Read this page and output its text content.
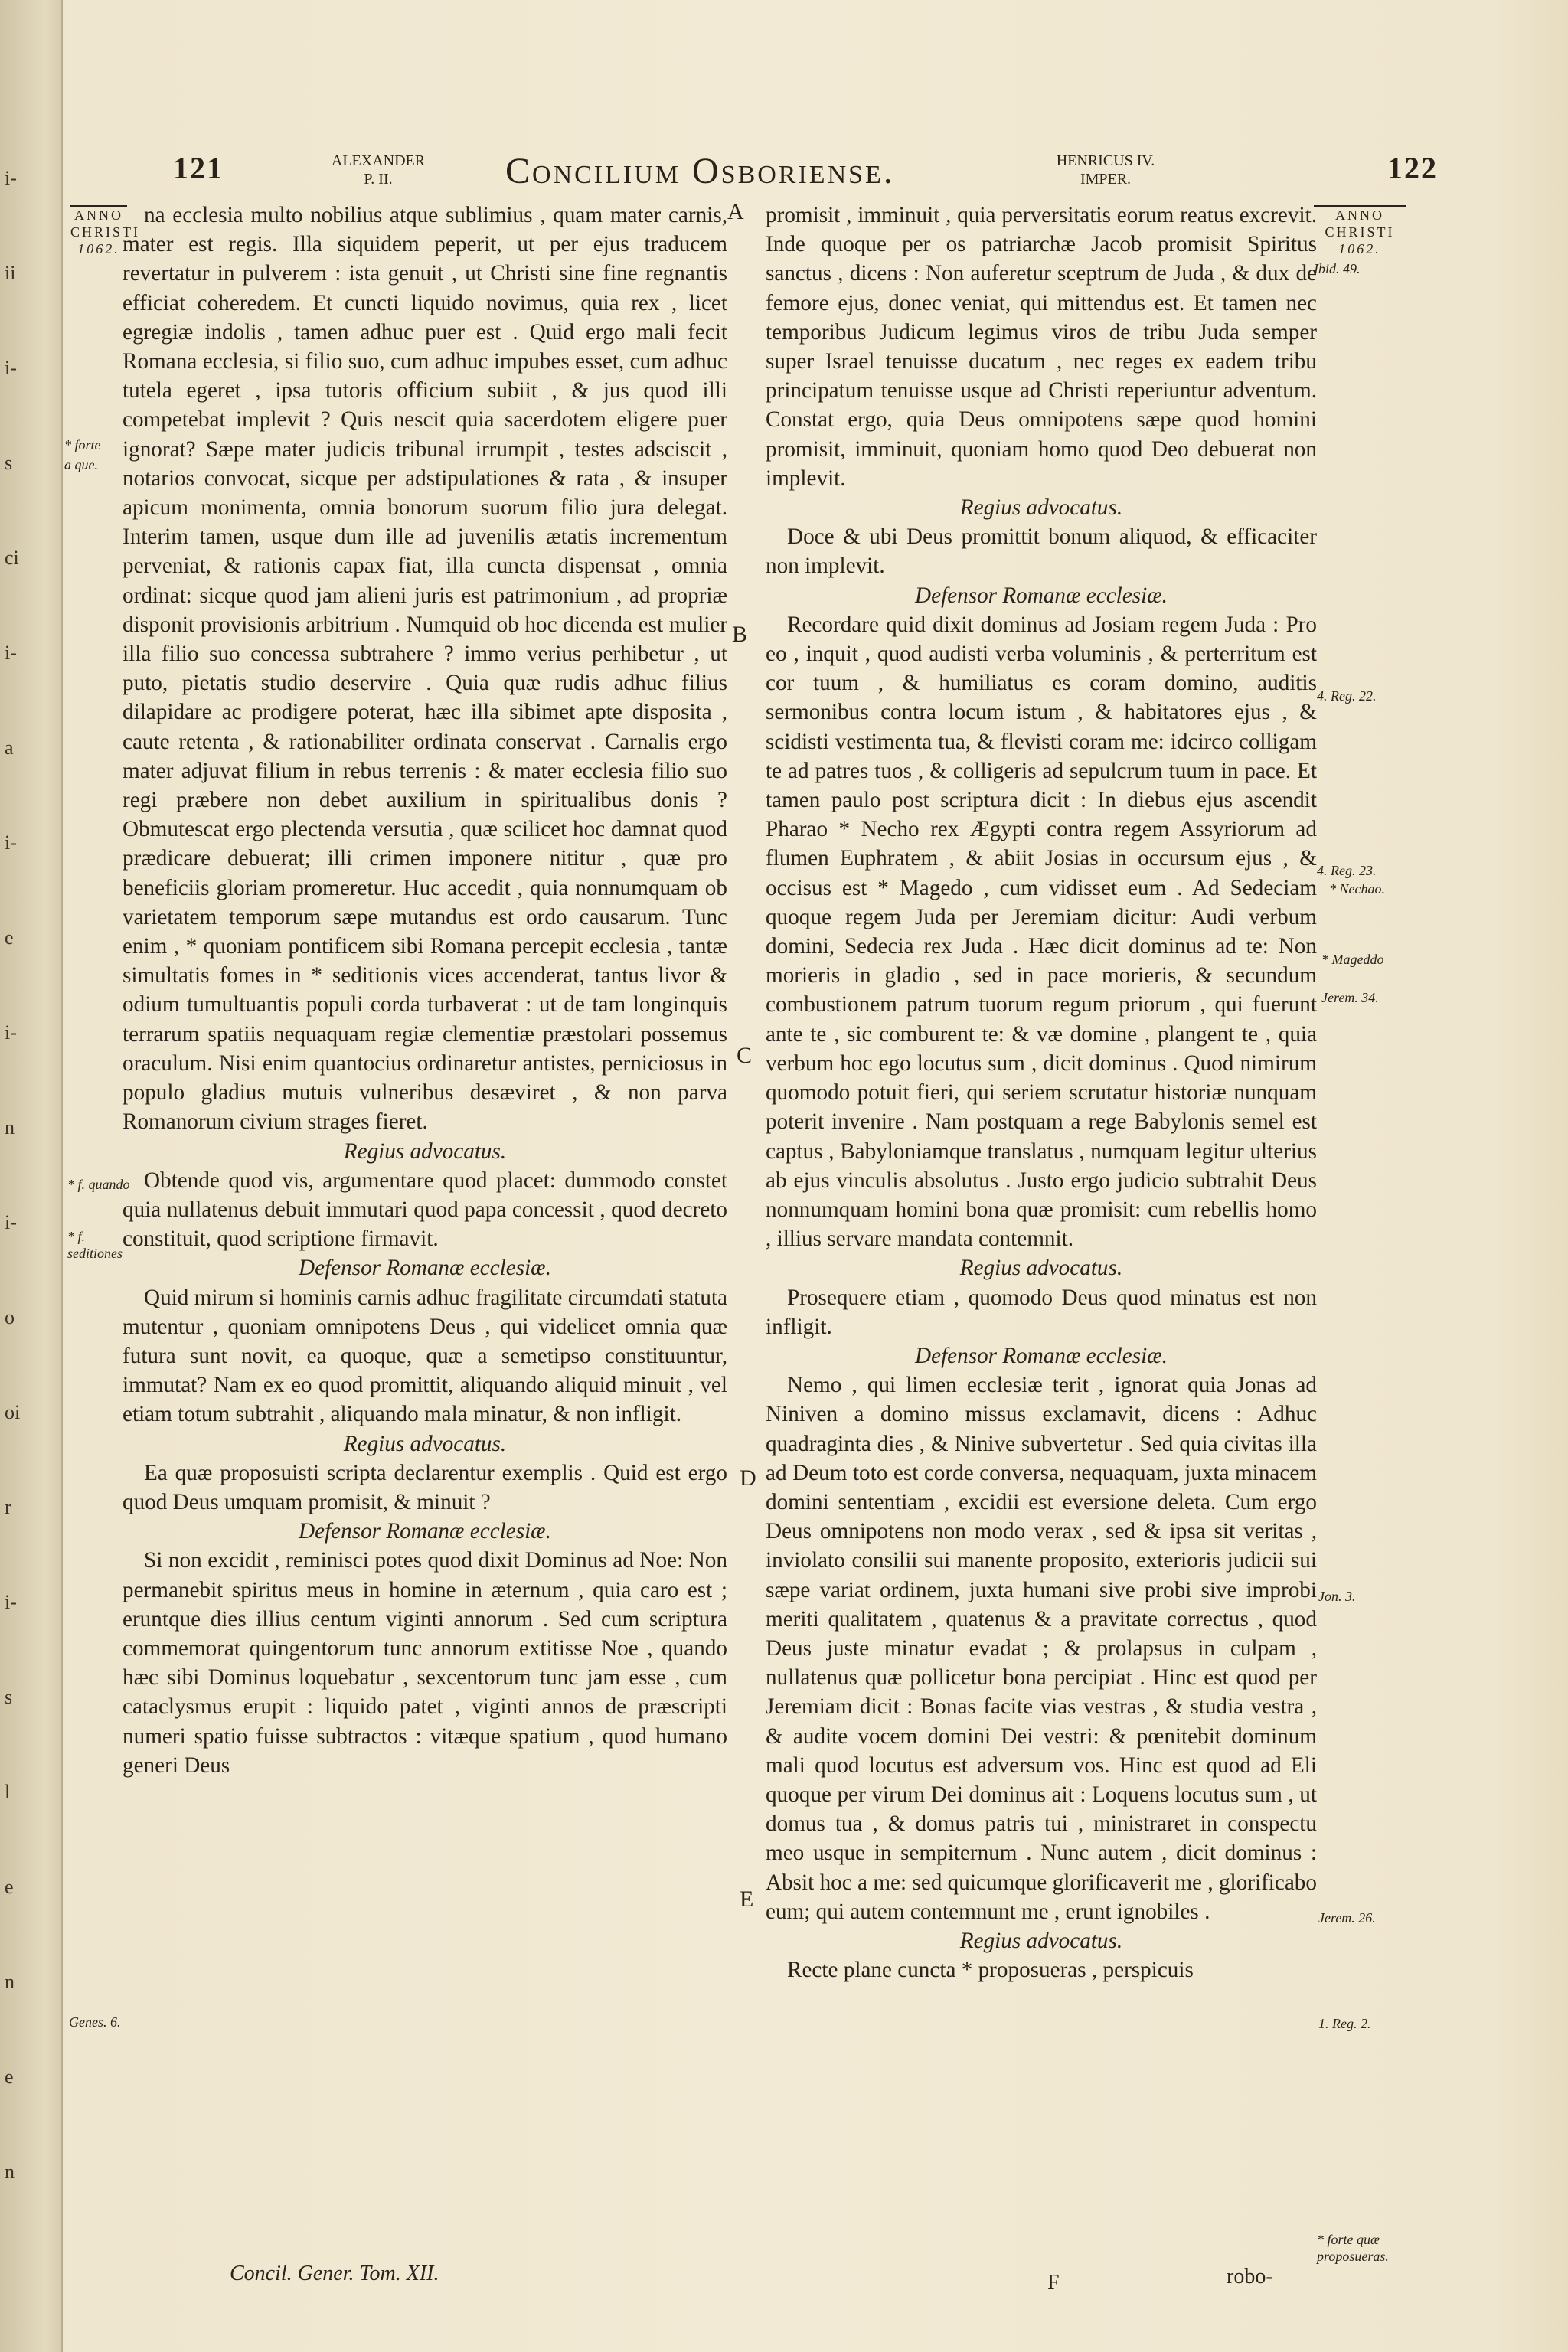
i-
ii
i-
s
ci
i-
a
i-
e
i-
n
i-
o
oi
r
i-
s
l
e
n
e
n
121	ALEXANDER
P. II.	Concilium Osboriense.	HENRICUS IV.
IMPER.	122
ANNO
CHRISTI
1062.
ANNO
CHRISTI
1062.

na ecclesia multo nobilius atque sublimius , quam mater carnis, mater est regis. Illa siquidem peperit, ut per ejus traducem revertatur in pulverem : ista genuit , ut Christi sine fine regnantis efficiat coheredem. Et cuncti liquido novimus, quia rex , licet egregiæ indolis , tamen adhuc puer est . Quid ergo mali fecit Romana ecclesia, si filio suo, cum adhuc impubes esset, cum adhuc tutela egeret , ipsa tutoris officium subiit , & jus quod illi competebat implevit ? Quis nescit quia sacerdotem eligere puer ignorat? Sæpe mater judicis tribunal irrumpit , testes adsciscit , notarios convocat, sicque per adstipulationes & rata , & insuper apicum monimenta, omnia bonorum suorum filio jura delegat. Interim tamen, usque dum ille ad juvenilis ætatis incrementum perveniat, & rationis capax fiat, illa cuncta dispensat , omnia ordinat: sicque quod jam alieni juris est patrimonium , ad propriæ disponit provisionis arbitrium . Numquid ob hoc dicenda est mulier illa filio suo concessa subtrahere ? immo verius perhibetur , ut puto, pietatis studio deservire . Quia quæ rudis adhuc filius dilapidare ac prodigere poterat, hæc illa sibimet apte disposita , caute retenta , & rationabiliter ordinata conservat . Carnalis ergo mater adjuvat filium in rebus terrenis : & mater ecclesia filio suo regi præbere non debet auxilium in spiritualibus donis ? Obmutescat ergo plectenda versutia , quæ scilicet hoc damnat quod prædicare debuerat; illi crimen imponere nititur , quæ pro beneficiis gloriam promeretur. Huc accedit , quia nonnumquam ob varietatem temporum sæpe mutandus est ordo causarum. Tunc enim , * quoniam pontificem sibi Romana percepit ecclesia , tantæ simultatis fomes in * seditionis vices accenderat, tantus livor & odium tumultuantis populi corda turbaverat : ut de tam longinquis terrarum spatiis nequaquam regiæ clementiæ præstolari possemus oraculum. Nisi enim quantocius ordinaretur antistes, perniciosus in populo gladius mutuis vulneribus desæviret , & non parva Romanorum civium strages fieret.

Regius advocatus.

Obtende quod vis, argumentare quod placet: dummodo constet quia nullatenus debuit immutari quod papa concessit , quod decreto constituit, quod scriptione firmavit.

Defensor Romanæ ecclesiæ.

Quid mirum si hominis carnis adhuc fragilitate circumdati statuta mutentur , quoniam omnipotens Deus , qui videlicet omnia quæ futura sunt novit, ea quoque, quæ a semetipso constituuntur, immutat? Nam ex eo quod promittit, aliquando aliquid minuit , vel etiam totum subtrahit , aliquando mala minatur, & non infligit.

Regius advocatus.

Ea quæ proposuisti scripta declarentur exemplis . Quid est ergo quod Deus umquam promisit, & minuit ?

Defensor Romanæ ecclesiæ.

Si non excidit , reminisci potes quod dixit Dominus ad Noe: Non permanebit spiritus meus in homine in æternum , quia caro est ; eruntque dies illius centum viginti annorum . Sed cum scriptura commemorat quingentorum tunc annorum extitisse Noe , quando hæc sibi Dominus loquebatur , sexcentorum tunc jam esse , cum cataclysmus erupit : liquido patet , viginti annos de præscripti numeri spatio fuisse subtractos : vitæque spatium , quod humano generi Deus

promisit , imminuit , quia perversitatis eorum reatus excrevit. Inde quoque per os patriarchæ Jacob promisit Spiritus sanctus , dicens : Non auferetur sceptrum de Juda , & dux de femore ejus, donec veniat, qui mittendus est. Et tamen nec temporibus Judicum legimus viros de tribu Juda semper super Israel tenuisse ducatum , nec reges ex eadem tribu principatum tenuisse usque ad Christi reperiuntur adventum. Constat ergo, quia Deus omnipotens sæpe quod homini promisit, imminuit, quoniam homo quod Deo debuerat non implevit.

Regius advocatus.

Doce & ubi Deus promittit bonum aliquod, & efficaciter non implevit.

Defensor Romanæ ecclesiæ.

Recordare quid dixit dominus ad Josiam regem Juda : Pro eo , inquit , quod audisti verba voluminis , & perterritum est cor tuum , & humiliatus es coram domino, auditis sermonibus contra locum istum , & habitatores ejus , & scidisti vestimenta tua, & flevisti coram me: idcirco colligam te ad patres tuos , & colligeris ad sepulcrum tuum in pace. Et tamen paulo post scriptura dicit : In diebus ejus ascendit Pharao * Necho rex Ægypti contra regem Assyriorum ad flumen Euphratem , & abiit Josias in occursum ejus , & occisus est * Magedo , cum vidisset eum . Ad Sedeciam quoque regem Juda per Jeremiam dicitur: Audi verbum domini, Sedecia rex Juda . Hæc dicit dominus ad te: Non morieris in gladio , sed in pace morieris, & secundum combustionem patrum tuorum regum priorum , qui fuerunt ante te , sic comburent te: & væ domine , plangent te , quia verbum hoc ego locutus sum , dicit dominus . Quod nimirum quomodo potuit fieri, qui seriem scrutatur historiæ nunquam poterit invenire . Nam postquam a rege Babylonis semel est captus , Babyloniamque translatus , numquam legitur ulterius ab ejus vinculis absolutus . Justo ergo judicio subtrahit Deus nonnumquam homini bona quæ promisit: cum rebellis homo , illius servare mandata contemnit.

Regius advocatus.

Prosequere etiam , quomodo Deus quod minatus est non infligit.

Defensor Romanæ ecclesiæ.

Nemo , qui limen ecclesiæ terit , ignorat quia Jonas ad Niniven a domino missus exclamavit, dicens : Adhuc quadraginta dies , & Ninive subvertetur . Sed quia civitas illa ad Deum toto est corde conversa, nequaquam, juxta minacem domini sententiam , excidii est eversione deleta. Cum ergo Deus omnipotens non modo verax , sed & ipsa sit veritas , inviolato consilii sui manente proposito, exterioris judicii sui sæpe variat ordinem, juxta humani sive probi sive improbi meriti qualitatem , quatenus & a pravitate correctus , quod Deus juste minatur evadat ; & prolapsus in culpam , nullatenus quæ pollicetur bona percipiat . Hinc est quod per Jeremiam dicit : Bonas facite vias vestras , & studia vestra , & audite vocem domini Dei vestri: & pœnitebit dominum mali quod locutus est adversum vos. Hinc est quod ad Eli quoque per virum Dei dominus ait : Loquens locutus sum , ut domus tua , & domus patris tui , ministraret in conspectu meo usque in sempiternum . Nunc autem , dicit dominus : Absit hoc a me: sed quicumque glorificaverit me , glorificabo eum; qui autem contemnunt me , erunt ignobiles .

Regius advocatus.

Recte plane cuncta * proposueras , perspicuis

A
B
C
D
E
* forte
a que.
* f. quando
* f. seditiones
Genes. 6.
Ibid. 49.
4. Reg. 22.
4. Reg. 23.
* Nechao.
* Mageddo
Jerem. 34.
Jon. 3.
Jerem. 26.
1. Reg. 2.
* forte quæ proposueras.
Concil. Gener. Tom. XII.	F	robo-
